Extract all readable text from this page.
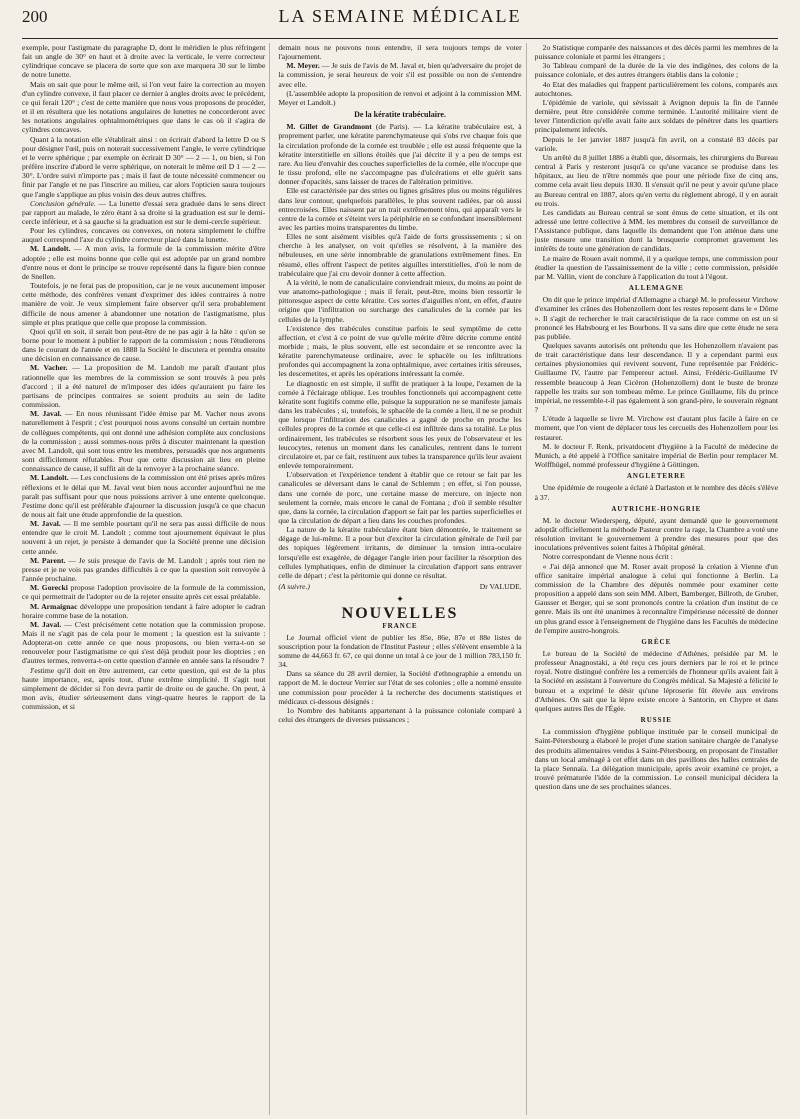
200	LA SEMAINE MÉDICALE

exemple, pour l'astigmate du paragraphe D, dont le méridien le plus réfringent fait un angle de 30° en haut et à droite avec la verticale, le verre correcteur cylindrique concave se placera de sorte que son axe marquera 30 sur le limbe de notre lunette.

Mais on sait que pour le même œil, si l'on veut faire la correction au moyen d'un cylindre convexe, il faut placer ce dernier à angles droits avec le précédent, ce qui ferait 120° ; c'est de cette manière que nous vous proposons de procéder, et il en résultera que les notations angulaires de lunettes ne concorderont avec les notations angulaires ophtalmométriques que dans le cas où il s'agira de cylindres concaves.

Quant à la notation elle s'établirait ainsi : on écrirait d'abord la lettre D ou S pour désigner l'œil, puis on noterait successivement l'angle, le verre cylindrique et le verre sphérique ; par exemple on écrirait D 30° — 2 — 1, ou bien, si l'on préfère inscrire d'abord le verre sphérique, on noterait le même œil D 1 — 2 — 30°. L'ordre suivi n'importe pas ; mais il faut de toute nécessité commencer ou finir par l'angle et ne pas l'inscrire au milieu, car alors l'opticien saura toujours que l'angle s'applique au plus voisin des deux autres chiffres.

Conclusion générale. — La lunette d'essai sera graduée dans le sens direct par rapport au malade, le zéro étant à sa droite si la graduation est sur le demi-cercle inférieur, et à sa gauche si la graduation est sur le demi-cercle supérieur.

Pour les cylindres, concaves ou convexes, on notera simplement le chiffre auquel correspond l'axe du cylindre correcteur placé dans la lunette.

M. Landolt. — A mon avis, la formule de la commission mérite d'être adoptée ; elle est moins bonne que celle qui est adoptée par un grand nombre d'entre nous et dont le principe se trouve représenté dans la figure bien connue de Snellen.

Toutefois, je ne ferai pas de proposition, car je ne veux aucunement imposer cette méthode, des confrères venant d'exprimer des idées contraires à notre manière de voir. Je veux simplement faire observer qu'il sera probablement difficile de nous amener à abandonner une notation de l'astigmatisme, plus simple et plus pratique que celle que propose la commission.

Quoi qu'il en soit, il serait bon peut-être de ne pas agir à la hâte : qu'on se borne pour le moment à publier le rapport de la commission ; nous l'étudierons dans le courant de l'année et en 1888 la Société le discutera et prendra ensuite une décision en connaissance de cause.

M. Vacher. — La proposition de M. Landolt me paraît d'autant plus rationnelle que les membres de la commission se sont trouvés à peu près d'accord ; il a été naturel de m'imposer des idées qu'auraient pu faire les partisans de principes contraires se soient produits au sein de ladite commission.

M. Javal. — En nous réunissant l'idée émise par M. Vacher nous avons naturellement à l'esprit ; c'est pourquoi nous avons consulté un certain nombre de collègues compétents, qui ont donné une adhésion complète aux conclusions de la commission ; aussi sommes-nous prêts à discuter maintenant la question avec M. Landolt, qui sont tous entre les membres, persuadés que nos arguments sont difficilement réfutables. Pour que cette discussion ait lieu en pleine connaissance de cause, il suffit ait de la renvoyer à la prochaine séance.

M. Landolt. — Les conclusions de la commission ont été prises après mûres réflexions et le délai que M. Javal veut bien nous accorder aujourd'hui ne me paraît pas suffisant pour que nous puissions arriver à une entente quelconque. J'estime donc qu'il est préférable d'ajourner la discussion jusqu'à ce que chacun de nous ait fait une étude approfondie de la question.

M. Javal. — Il me semble pourtant qu'il ne sera pas aussi difficile de nous entendre que le croit M. Landolt ; comme tout ajournement équivaut le plus souvent à un rejet, je persiste à demander que la Société prenne une décision cette année.

M. Parent. — Je suis presque de l'avis de M. Landolt ; après tout rien ne presse et je ne vois pas grandes difficultés à ce que la question soit renvoyée à l'année prochaine.

M. Gorecki propose l'adoption provisoire de la formule de la commission, ce qui permettrait de l'adopter ou de la rejeter ensuite après cet essai préalable.

M. Armaignac développe une proposition tendant à faire adopter le cadran horaire comme base de la notation.

M. Javal. — C'est précisément cette notation que la commission propose. Mais il ne s'agit pas de cela pour le moment ; la question est la suivante : Adopterat-on cette année ce que nous proposons, ou bien verra-t-on se renouveler pour l'astigmatisme ce qui s'est déjà produit pour les dioptries ; en d'autres termes, renverra-t-on cette question d'année en année sans la résoudre ?

J'estime qu'il doit en être autrement, car cette question, qui est de la plus haute importance, est, après tout, d'une extrême simplicité. Il s'agit tout simplement de décider si l'on devra partir de droite ou de gauche. On peut, à mon avis, étudier sérieusement dans vingt-quatre heures le rapport de la commission, et si

demain nous ne pouvons nous entendre, il sera toujours temps de voter l'ajournement.

M. Meyer. — Je suis de l'avis de M. Javal et, bien qu'adversaire du projet de la commission, je serai heureux de voir s'il est possible ou non de s'entendre avec elle.

(L'assemblée adopte la proposition de renvoi et adjoint à la commission MM. Meyer et Landolt.)

De la kératite trabéculaire.

M. Gillet de Grandmont (de Paris). — La kératite trabéculaire est, à proprement parler, une kératite parenchymateuse qui s'obs rve chaque fois que la circulation profonde de la cornée est troublée ; elle est aussi fréquente que la kératite interstitielle en sillons étoilés que j'ai décrite il y a peu de temps est rare. Au lieu d'envahir des couches superficielles de la cornée, elle n'occupe que le tissu profond, elle ne s'accompagne pas d'ulcérations et elle guérit sans donner d'opacités, sans laisser de traces de l'altération primitive.

Elle est caractérisée par des stries ou lignes grisâtres plus ou moins régulières dans leur contour, quelquefois parallèles, le plus souvent radiées, par où aussi entrecroisées. Elles naissent par un trait extrêmement ténu, qui apparaît vers le centre de la cornée et s'éteint vers la périphérie en se confondant insensiblement avec les parties moins transparentes du limbe.

Elles ne sont aisément visibles qu'à l'aide de forts grossissements ; si on cherche à les analyser, on voit qu'elles se résolvent, à la manière des nébuleuses, en une série innombrable de granulations extrêmement fines. En résumé, elles offrent l'aspect de petites aiguilles interstitielles, d'où le nom de trabéculaire que j'ai cru devoir donner à cette affection.

A la vérité, le nom de canaliculaire conviendrait mieux, du moins au point de vue anatomo-pathologique ; mais il ferait, peut-être, moins bien ressortir le pittoresque aspect de cette kératite. Ces sortes d'aiguilles n'ont, en effet, d'autre origine que l'infiltration ou surcharge des canalicules de la cornée par les cellules de la lymphe.

L'existence des trabécules constitue parfois le seul symptôme de cette affection, et c'est à ce point de vue qu'elle mérite d'être décrite comme entité morbide ; mais, le plus souvent, elle est secondaire et se rencontre avec la kératite parenchymateuse ordinaire, avec le sphacèle ou les infiltrations profondes qui accompagnent la zona ophtalmique, avec certaines iritis séreuses, les descemetites, et après les opérations intéressant la cornée.

Le diagnostic en est simple, il suffit de pratiquer à la loupe, l'examen de la cornée à l'éclairage oblique. Les troubles fonctionnels qui accompagnent cette kératite sont fugitifs comme elle, puisque la suppuration ne se manifeste jamais dans les trabécules ; si, toutefois, le sphacèle de la cornée a lieu, il ne se produit que lorsque l'infiltration des canalicules a gagné de proche en proche les cellules propres de la cornée et que celle-ci est infiltrée dans sa totalité. Le plus ordinairement, les trabécules se résorbent sous les yeux de l'observateur et les leucocytes, retenus un moment dans les canalicules, rentrent dans le torrent circulatoire et, par ce fait, restituent aux tubes la transparence qu'ils leur avaient enlevée temporairement.

L'observation et l'expérience tendent à établir que ce retour se fait par les canalicules se déversant dans le canal de Schlemm ; en effet, si l'on pousse, dans une cornée de porc, une certaine masse de mercure, on injecte non seulement la cornée, mais encore le canal de Fontana ; d'où il semble résulter que, dans la cornée, la circulation d'apport se fait par les parties superficielles et que la circulation de départ a lieu dans les couches profondes.

La nature de la kératite trabéculaire étant bien démontrée, le traitement se dégage de lui-même. Il a pour but d'exciter la circulation générale de l'œil par des topiques légèrement irritants, de diminuer la tension intra-oculaire lorsqu'elle est exagérée, de dégager l'angle irien pour faciliter la résorption des cellules lymphatiques, enfin de diminuer la circulation d'apport sans entraver celle de départ ; c'est la péritomie qui donne ce résultat.

(A suivre.)	Dr VALUDE.
✦
NOUVELLES
FRANCE

Le Journal officiel vient de publier les 85e, 86e, 87e et 88e listes de souscription pour la fondation de l'Institut Pasteur ; elles s'élèvent ensemble à la somme de 44,663 fr. 67, ce qui donne un total à ce jour de 1 million 783,150 fr. 34.

Dans sa séance du 28 avril dernier, la Société d'ethnographie a entendu un rapport de M. le docteur Verrier sur l'état de ses colonies ; elle a nommé ensuite une commission pour procéder à la recherche des documents statistiques et médicaux ci-dessous désignés :

1o Nombre des habitants appartenant à la puissance coloniale comparé à celui des étrangers de diverses puissances ;

2o Statistique comparée des naissances et des décès parmi les membres de la puissance coloniale et parmi les étrangers ;

3o Tableau comparé de la durée de la vie des indigènes, des colons de la puissance coloniale, et des autres étrangers établis dans la colonie ;

4o Etat des maladies qui frappent particulièrement les colons, comparés aux autochtones.

L'épidémie de variole, qui sévissait à Avignon depuis la fin de l'année dernière, peut être considérée comme terminée. L'autorité militaire vient de lever l'interdiction qu'elle avait faite aux soldats de pénétrer dans les quartiers principalement infectés.

Depuis le 1er janvier 1887 jusqu'à fin avril, on a constaté 83 décès par variole.

Un arrêté du 8 juillet 1886 a établi que, désormais, les chirurgiens du Bureau central à Paris y resteront jusqu'à ce qu'une vacance se produise dans les hôpitaux, au lieu de n'être nommés que pour une période fixe de cinq ans, comme cela avait lieu depuis 1830. Il s'ensuit qu'il ne peut y avoir qu'une place au Bureau central en 1887, alors qu'en vertu du règlement abrogé, il y en aurait eu trois.

Les candidats au Bureau central se sont émus de cette situation, et ils ont adressé une lettre collective à MM. les membres du conseil de surveillance de l'Assistance publique, dans laquelle ils demandent que l'on atténue dans une juste mesure une transition dont la brusquerie compromet gravement les intérêts de toute une génération de candidats.

Le maire de Rouen avait nommé, il y a quelque temps, une commission pour étudier la question de l'assainissement de la ville ; cette commission, présidée par M. Vallin, vient de conclure à l'application du tout à l'égout.

ALLEMAGNE

On dit que le prince impérial d'Allemagne a chargé M. le professeur Virchow d'examiner les crânes des Hohenzollern dont les restes reposent dans le « Dôme ». Il s'agit de rechercher le trait caractéristique de la race comme on est un si prononcé les Habsbourg et les Bourbons. Il va sans dire que cette étude ne sera pas publiée.

Quelques savants autorisés ont prétendu que les Hohenzollern n'avaient pas de trait caractéristique dans leur descendance. Il y a cependant parmi eux certaines physionomies qui revivent souvent, l'une représentée par Frédéric-Guillaume IV, l'autre par l'empereur actuel. Ainsi, Frédéric-Guillaume IV ressemble beaucoup à Jean Cicéron (Hohenzollern) dont le buste de bronze rappelle les traits sur son tombeau même. Le prince Guillaume, fils du prince impérial, ne ressemble-t-il pas également à son grand-père, le souverain régnant ?

L'étude à laquelle se livre M. Virchow est d'autant plus facile à faire en ce moment, que l'on vient de déplacer tous les cercueils des Hohenzollern pour les restaurer.

M. le docteur F. Renk, privatdocent d'hygiène à la Faculté de médecine de Munich, a été appelé à l'Office sanitaire impérial de Berlin pour remplacer M. Wolffhügel, nommé professeur d'hygiène à Göttingen.

ANGLETERRE

Une épidémie de rougeole a éclaté à Darlaston et le nombre des décès s'élève à 37.

AUTRICHE-HONGRIE

M. le docteur Wiedersperg, député, ayant demandé que le gouvernement adoptât officiellement la méthode Pasteur contre la rage, la Chambre a voté une résolution invitant le gouvernement à prendre des mesures pour que des inoculations préventives soient faites à l'hôpital général.

Notre correspondant de Vienne nous écrit :

« J'ai déjà annoncé que M. Roser avait proposé la création à Vienne d'un office sanitaire impérial analogue à celui qui fonctionne à Berlin. La commission de la Chambre des députés nommée pour examiner cette proposition a appelé dans son sein MM. Albert, Bamberger, Billroth, de Gruber, Gausser et Berger, qui se sont prononcés contre la création d'un institut de ce genre. Mais ils ont été unanimes à reconnaître l'impérieuse nécessité de donner un plus grand essor à l'enseignement de l'hygiène dans les Facultés de médecine de l'empire austro-hongrois.

GRÈCE

Le bureau de la Société de médecine d'Athènes, présidée par M. le professeur Anagnostaki, a été reçu ces jours derniers par le roi et le prince royal. Notre distingué confrère les a remerciés de l'honneur qu'ils avaient fait à la Société en assistant à l'ouverture du Congrès médical. Sa Majesté a félicité le bureau et a exprimé le désir qu'une léproserie fût élevée aux environs d'Athènes. On sait que la lèpre existe encore à Santorin, en Chypre et dans quelques autres îles de l'Égée.

RUSSIE

La commission d'hygiène publique instituée par le conseil municipal de Saint-Pétersbourg a élaboré le projet d'une station sanitaire chargée de l'analyse des produits alimentaires vendus à Saint-Pétersbourg, en proposant de l'installer dans un local aménagé à cet effet dans un des pavillons des halles centrales de la place Sennaïa. La délégation municipale, après avoir examiné ce projet, a trouvé prématurée l'idée de la commission. Le conseil municipal décidera la question dans une de ses prochaines séances.
